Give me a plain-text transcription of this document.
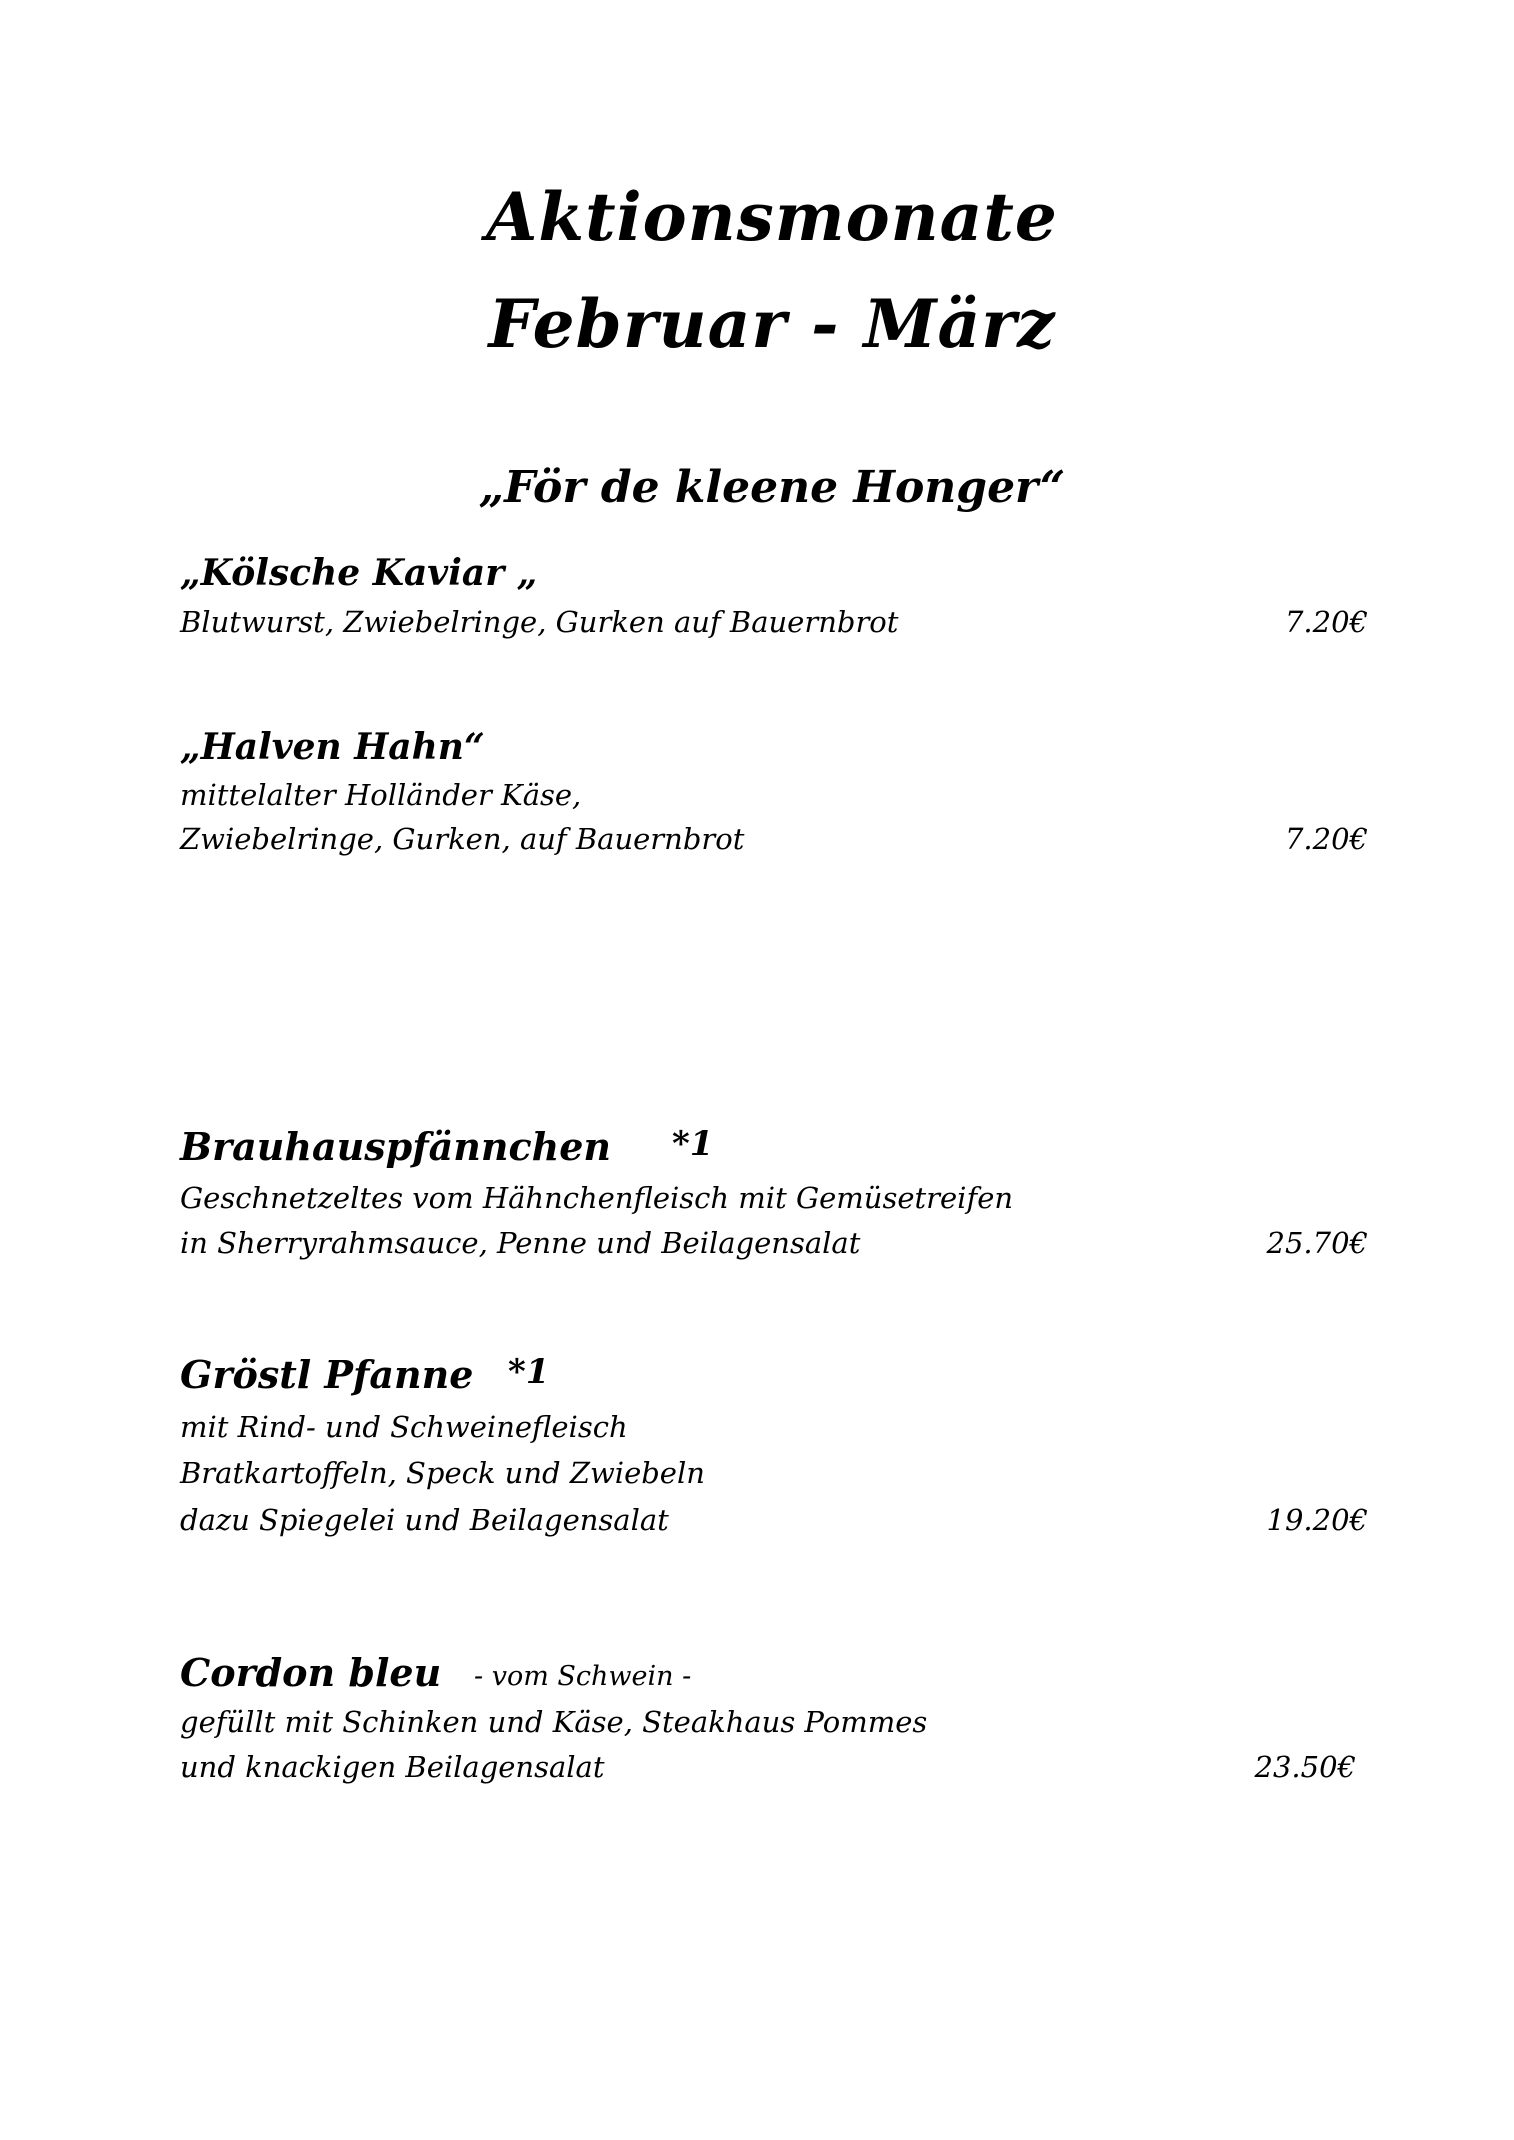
Aktionsmonate
Februar - März
„För de kleene Honger“
„Kölsche Kaviar „
Blutwurst, Zwiebelringe, Gurken auf Bauernbrot	7.20€
„Halven Hahn“
mittelalter Holländer Käse,
Zwiebelringe, Gurken, auf Bauernbrot	7.20€
Brauhauspfännchen *1
Geschnetzeltes vom Hähnchenfleisch mit Gemüsetreifen
in Sherryrahmsauce, Penne und Beilagensalat	25.70€
Gröstl Pfanne *1
mit Rind- und Schweinefleisch
Bratkartoffeln, Speck und Zwiebeln
dazu Spiegelei und Beilagensalat	19.20€
Cordon bleu - vom Schwein -
gefüllt mit Schinken und Käse, Steakhaus Pommes
und knackigen Beilagensalat	23.50€
